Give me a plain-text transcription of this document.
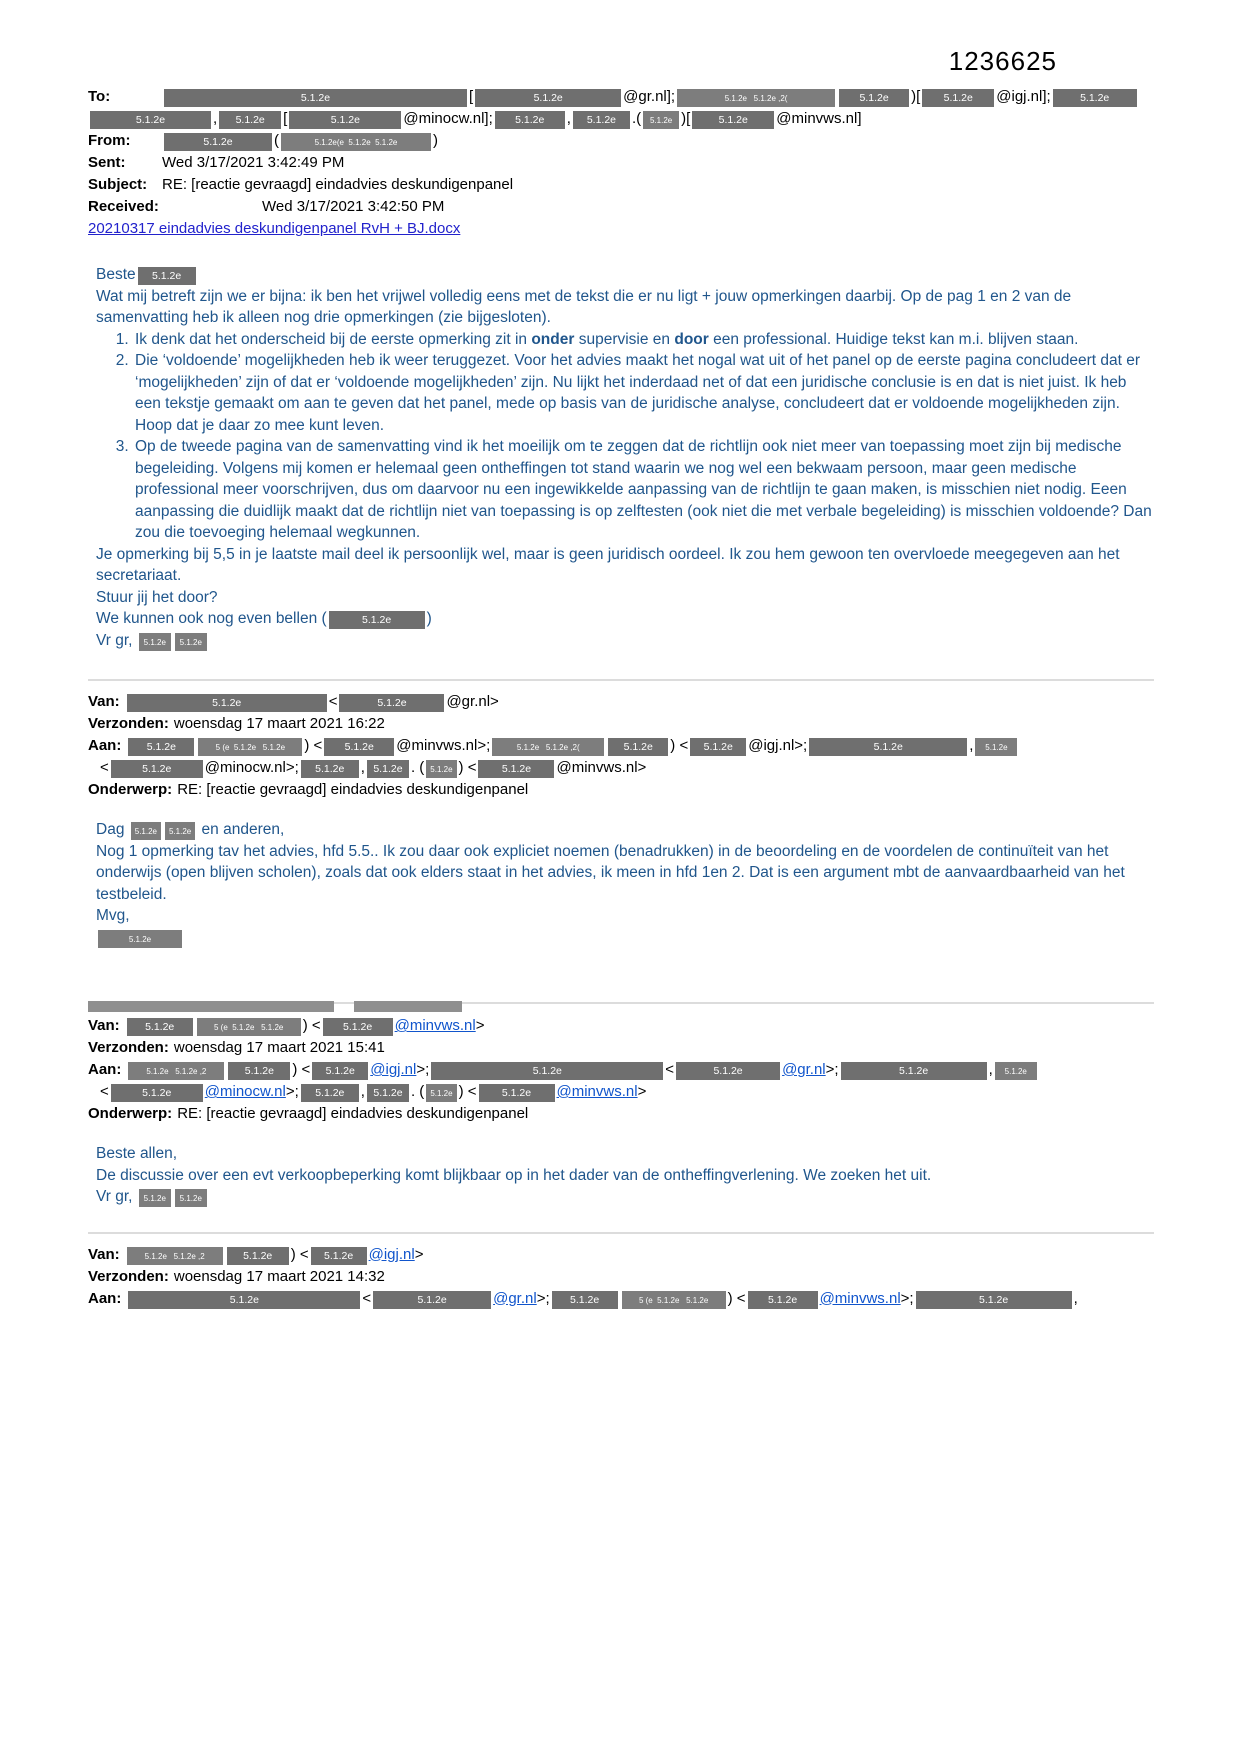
1236625
To:	5.1.2e	[	5.1.2e	@gr.nl];	5.1.2e   5.1.2e ,2(	5.1.2e )[ 5.1.2e @igj.nl];	5.1.2e
5.1.2e	, 5.1.2e [	5.1.2e	@minocw.nl]; 5.1.2e , 5.1.2e .( 5.1.2e )[	5.1.2e @minvws.nl]
From:	5.1.2e	(	5.1.2e(e  5.1.2e  5.1.2e )
Sent: Wed 3/17/2021 3:42:49 PM
Subject: RE: [reactie gevraagd] eindadvies deskundigenpanel
Received:	Wed 3/17/2021 3:42:50 PM
20210317 eindadvies deskundigenpanel RvH + BJ.docx

Beste 5.1.2e

Wat mij betreft zijn we er bijna: ik ben het vrijwel volledig eens met de tekst die er nu ligt + jouw opmerkingen daarbij. Op de pag 1 en 2 van de samenvatting heb ik alleen nog drie opmerkingen (zie bijgesloten).

1. Ik denk dat het onderscheid bij de eerste opmerking zit in onder supervisie en door een professional. Huidige tekst kan m.i. blijven staan.
2. Die ‘voldoende’ mogelijkheden heb ik weer teruggezet. Voor het advies maakt het nogal wat uit of het panel op de eerste pagina concludeert dat er ‘mogelijkheden’ zijn of dat er ‘voldoende mogelijkheden’ zijn. Nu lijkt het inderdaad net of dat een juridische conclusie is en dat is niet juist. Ik heb een tekstje gemaakt om aan te geven dat het panel, mede op basis van de juridische analyse, concludeert dat er voldoende mogelijkheden zijn. Hoop dat je daar zo mee kunt leven.
3. Op de tweede pagina van de samenvatting vind ik het moeilijk om te zeggen dat de richtlijn ook niet meer van toepassing moet zijn bij medische begeleiding. Volgens mij komen er helemaal geen ontheffingen tot stand waarin we nog wel een bekwaam persoon, maar geen medische professional meer voorschrijven, dus om daarvoor nu een ingewikkelde aanpassing van de richtlijn te gaan maken, is misschien niet nodig. Eeen aanpassing die duidlijk maakt dat de richtlijn niet van toepassing is op zelftesten (ook niet die met verbale begeleiding) is misschien voldoende? Dan zou die toevoeging helemaal wegkunnen.

Je opmerking bij 5,5 in je laatste mail deel ik persoonlijk wel, maar is geen juridisch oordeel. Ik zou hem gewoon ten overvloede meegegeven aan het secretariaat.

Stuur jij het door?

We kunnen ook nog even bellen (	5.1.2e )

Vr gr, 5.1.2e 5.1.2e

Van:	5.1.2e	<	5.1.2e	@gr.nl>
Verzonden: woensdag 17 maart 2021 16:22
Aan: 5.1.2e	5 (e  5.1.2e   5.1.2e ) < 5.1.2e @minvws.nl>;	5.1.2e   5.1.2e ,2(	5.1.2e ) < 5.1.2e @igj.nl>;	5.1.2e	, 5.1.2e
<	5.1.2e @minocw.nl>; 5.1.2e , 5.1.2e . ( 5.1.2e ) < 5.1.2e @minvws.nl>
Onderwerp: RE: [reactie gevraagd] eindadvies deskundigenpanel

Dag 5.1.2e 5.1.2e en anderen,

Nog 1 opmerking tav het advies, hfd 5.5.. Ik zou daar ook expliciet noemen (benadrukken) in de beoordeling en de voordelen de continuïteit van het onderwijs (open blijven scholen), zoals dat ook elders staat in het advies, ik meen in hfd 1en 2. Dat is een argument mbt de aanvaardbaarheid van het testbeleid.

Mvg,

5.1.2e

Van: 5.1.2e	5 (e  5.1.2e   5.1.2e ) < 5.1.2e @minvws.nl>
Verzonden: woensdag 17 maart 2021 15:41
Aan:	5.1.2e   5.1.2e ,2	5.1.2e ) < 5.1.2e @igj.nl>;	5.1.2e	<	5.1.2e	@gr.nl>;	5.1.2e	, 5.1.2e
<	5.1.2e @minocw.nl>; 5.1.2e , 5.1.2e . ( 5.1.2e ) < 5.1.2e @minvws.nl>
Onderwerp: RE: [reactie gevraagd] eindadvies deskundigenpanel

Beste allen,

De discussie over een evt verkoopbeperking komt blijkbaar op in het dader van de ontheffingverlening. We zoeken het uit.

Vr gr, 5.1.2e 5.1.2e

Van:	5.1.2e   5.1.2e ,2	5.1.2e ) < 5.1.2e @igj.nl>
Verzonden: woensdag 17 maart 2021 14:32
Aan:	5.1.2e	<	5.1.2e	@gr.nl>; 5.1.2e	5 (e  5.1.2e   5.1.2e ) < 5.1.2e @minvws.nl>;	5.1.2e	,
